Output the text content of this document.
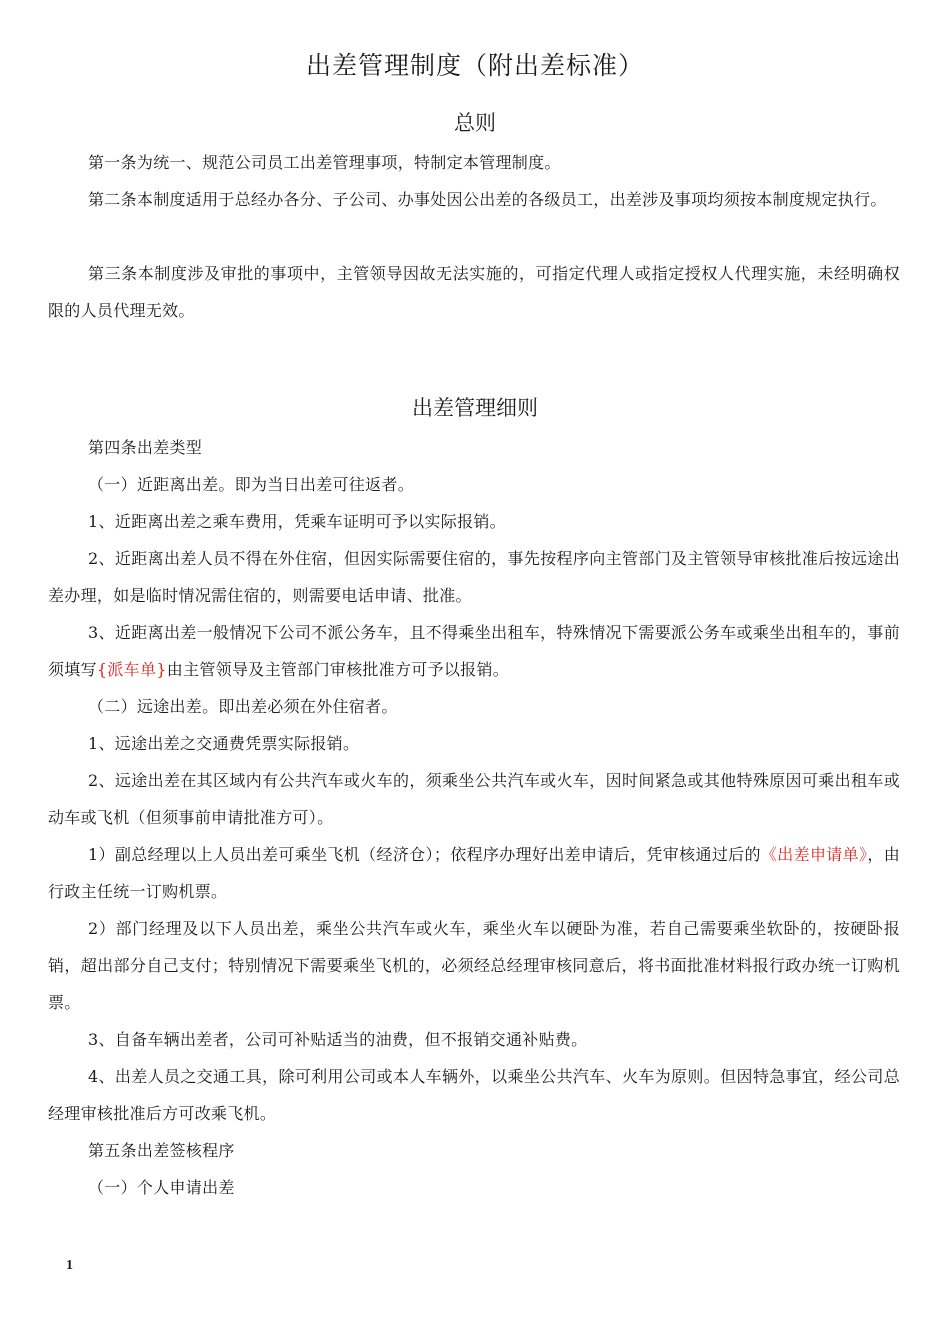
出差管理制度（附出差标准）
总则
第一条为统一、规范公司员工出差管理事项，特制定本管理制度。
第二条本制度适用于总经办各分、子公司、办事处因公出差的各级员工，出差涉及事项均须按本制度规定执行。
第三条本制度涉及审批的事项中，主管领导因故无法实施的，可指定代理人或指定授权人代理实施，未经明确权限的人员代理无效。
出差管理细则
第四条出差类型
（一）近距离出差。即为当日出差可往返者。
1、近距离出差之乘车费用，凭乘车证明可予以实际报销。
2、近距离出差人员不得在外住宿，但因实际需要住宿的，事先按程序向主管部门及主管领导审核批准后按远途出差办理，如是临时情况需住宿的，则需要电话申请、批准。
3、近距离出差一般情况下公司不派公务车，且不得乘坐出租车，特殊情况下需要派公务车或乘坐出租车的，事前须填写{派车单}由主管领导及主管部门审核批准方可予以报销。
（二）远途出差。即出差必须在外住宿者。
1、远途出差之交通费凭票实际报销。
2、远途出差在其区域内有公共汽车或火车的，须乘坐公共汽车或火车，因时间紧急或其他特殊原因可乘出租车或动车或飞机（但须事前申请批准方可）。
1）副总经理以上人员出差可乘坐飞机（经济仓）；依程序办理好出差申请后，凭审核通过后的《出差申请单》，由行政主任统一订购机票。
2）部门经理及以下人员出差，乘坐公共汽车或火车，乘坐火车以硬卧为准，若自己需要乘坐软卧的，按硬卧报销，超出部分自己支付；特别情况下需要乘坐飞机的，必须经总经理审核同意后，将书面批准材料报行政办统一订购机票。
3、自备车辆出差者，公司可补贴适当的油费，但不报销交通补贴费。
4、出差人员之交通工具，除可利用公司或本人车辆外，以乘坐公共汽车、火车为原则。但因特急事宜，经公司总经理审核批准后方可改乘飞机。
第五条出差签核程序
（一）个人申请出差
1
